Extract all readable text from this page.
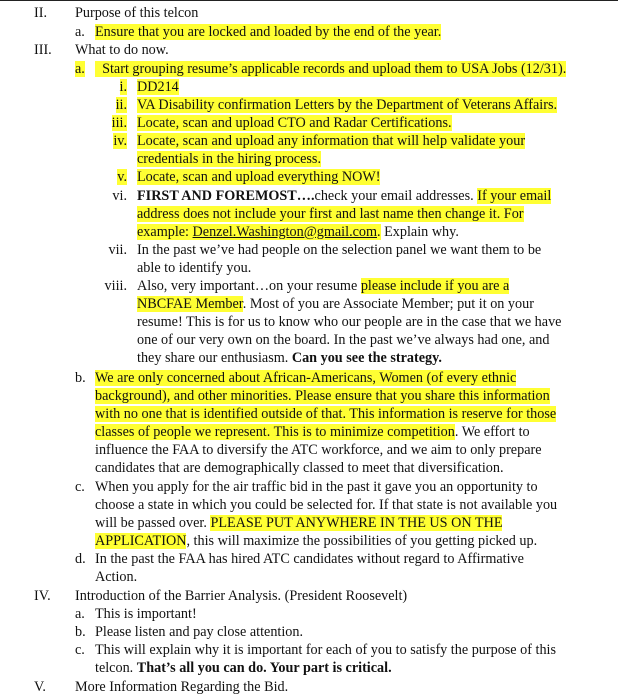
II. Purpose of this telcon
a. Ensure that you are locked and loaded by the end of the year.
III. What to do now.
a.	Start grouping resume’s applicable records and upload them to USA Jobs (12/31).
i. DD214
ii. VA Disability confirmation Letters by the Department of Veterans Affairs.
iii. Locate, scan and upload CTO and Radar Certifications.
iv. Locate, scan and upload any information that will help validate your
credentials in the hiring process.
v. Locate, scan and upload everything NOW!
vi. FIRST AND FOREMOST….check your email addresses. If your email
address does not include your first and last name then change it. For
example: Denzel.Washington@gmail.com. Explain why.
vii. In the past we’ve had people on the selection panel we want them to be
able to identify you.
viii. Also, very important…on your resume please include if you are a
NBCFAE Member. Most of you are Associate Member; put it on your
resume! This is for us to know who our people are in the case that we have
one of our very own on the board. In the past we’ve always had one, and
they share our enthusiasm. Can you see the strategy.
b. We are only concerned about African-Americans, Women (of every ethnic
background), and other minorities. Please ensure that you share this information
with no one that is identified outside of that. This information is reserve for those
classes of people we represent. This is to minimize competition. We effort to
influence the FAA to diversify the ATC workforce, and we aim to only prepare
candidates that are demographically classed to meet that diversification.
c. When you apply for the air traffic bid in the past it gave you an opportunity to
choose a state in which you could be selected for. If that state is not available you
will be passed over. PLEASE PUT ANYWHERE IN THE US ON THE
APPLICATION, this will maximize the possibilities of you getting picked up.
d. In the past the FAA has hired ATC candidates without regard to Affirmative
Action.
IV. Introduction of the Barrier Analysis. (President Roosevelt)
a. This is important!
b. Please listen and pay close attention.
c. This will explain why it is important for each of you to satisfy the purpose of this
telcon. That’s all you can do. Your part is critical.
V. More Information Regarding the Bid.
